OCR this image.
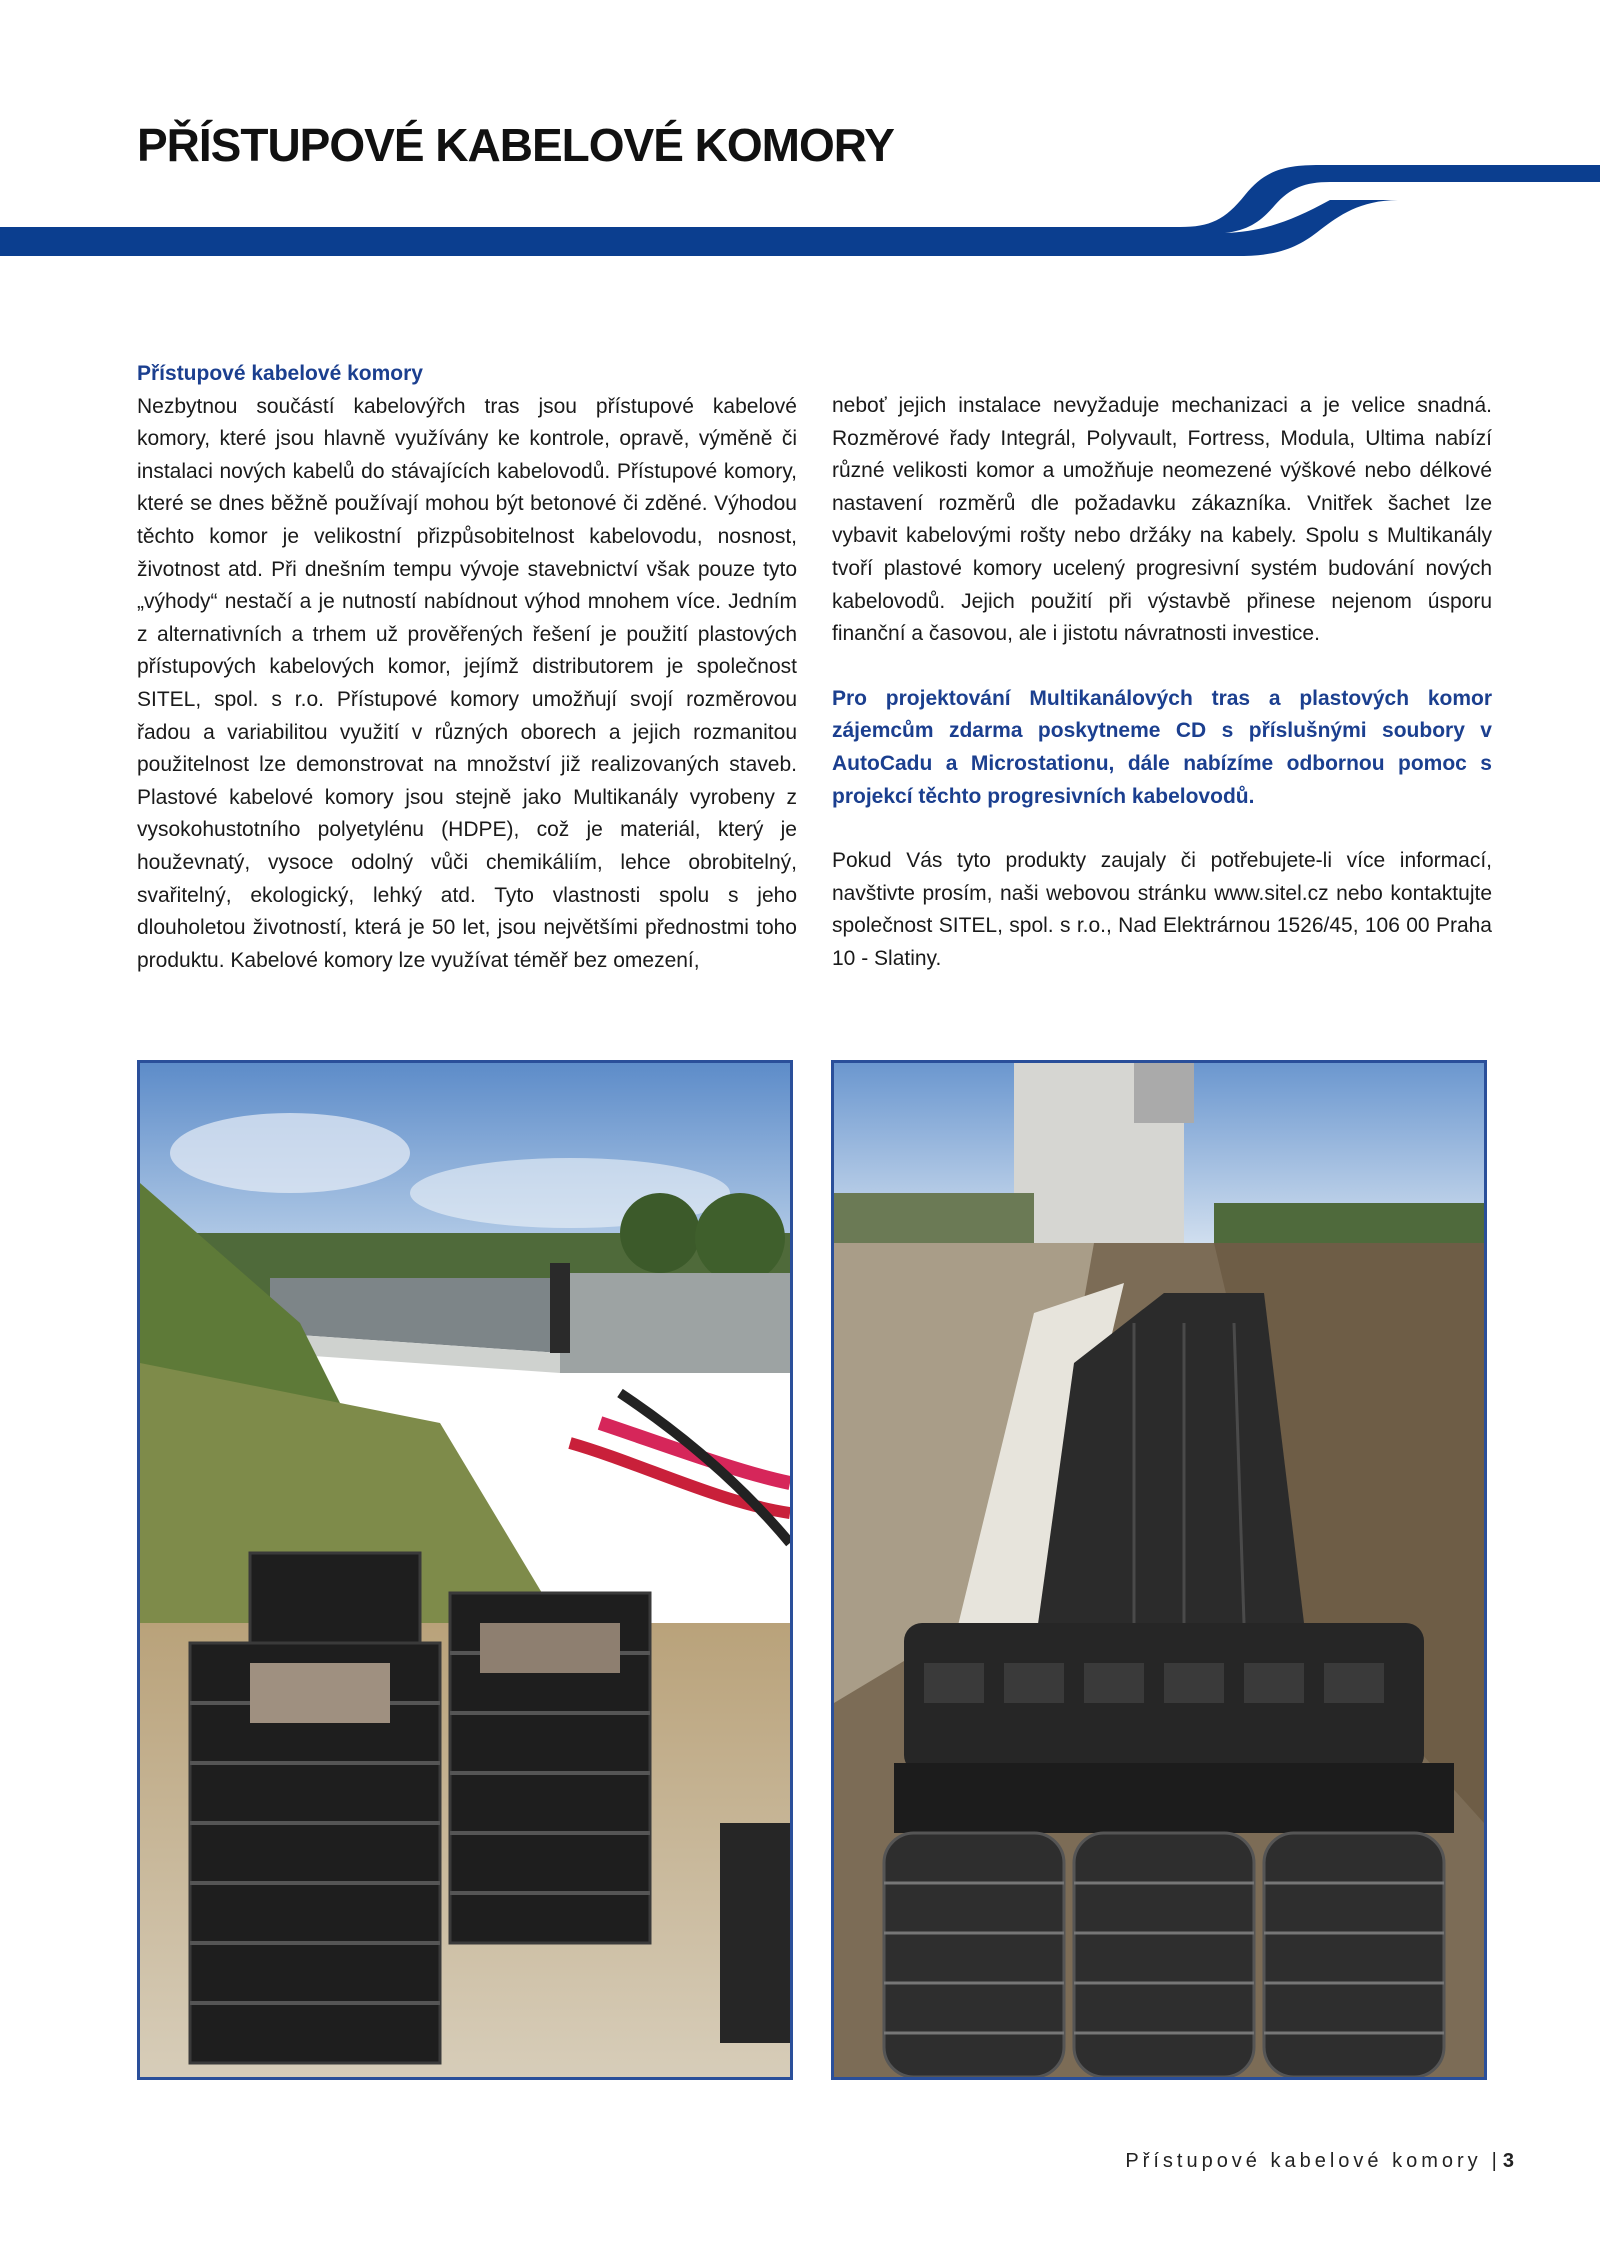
PŘÍSTUPOVÉ KABELOVÉ KOMORY

Přístupové kabelové komory

Nezbytnou součástí kabelovýřch tras jsou přístupové kabelové komory, které jsou hlavně využívány ke kontrole, opravě, výměně či instalaci nových kabelů do stávajících kabelovodů. Přístupové komory, které se dnes běžně používají mohou být betonové či zděné. Výhodou těchto komor je velikostní přizpůsobitelnost kabelovodu, nosnost, životnost atd. Při dnešním tempu vývoje stavebnictví však pouze tyto „výhody“ nestačí a je nutností nabídnout výhod mnohem více. Jedním z alternativních a trhem už prověřených řešení je použití plastových přístupových kabelových komor, jejímž distributorem je společnost SITEL, spol. s r.o. Přístupové komory umožňují svojí rozměrovou řadou a variabilitou využití v různých oborech a jejich rozmanitou použitelnost lze demonstrovat na množství již realizovaných staveb. Plastové kabelové komory jsou stejně jako Multikanály vyrobeny z vysokohustotního polyetylénu (HDPE), což je materiál, který je houževnatý, vysoce odolný vůči chemikáliím, lehce obrobitelný, svařitelný, ekologický, lehký atd. Tyto vlastnosti spolu s jeho dlouholetou životností, která je 50 let, jsou největšími přednostmi toho produktu. Kabelové komory lze využívat téměř bez omezení,

neboť jejich instalace nevyžaduje mechanizaci a je velice snadná. Rozměrové řady Integrál, Polyvault, Fortress, Modula, Ultima nabízí různé velikosti komor a umožňuje neomezené výškové nebo délkové nastavení rozměrů dle požadavku zákazníka. Vnitřek šachet lze vybavit kabelovými rošty nebo držáky na kabely. Spolu s Multikanály tvoří plastové komory ucelený progresivní systém budování nových kabelovodů. Jejich použití při výstavbě přinese nejenom úsporu finanční a časovou, ale i jistotu návratnosti investice.

Pro projektování Multikanálových tras a plastových komor zájemcům zdarma poskytneme CD s příslušnými soubory v AutoCadu a Microstationu, dále nabízíme odbornou pomoc s projekcí těchto progresivních kabelovodů.

Pokud Vás tyto produkty zaujaly či potřebujete-li více informací, navštivte prosím, naši webovou stránku www.sitel.cz nebo kontaktujte společnost SITEL, spol. s r.o., Nad Elektrárnou 1526/45, 106 00 Praha 10 - Slatiny.

Přístupové kabelové komory | 3
